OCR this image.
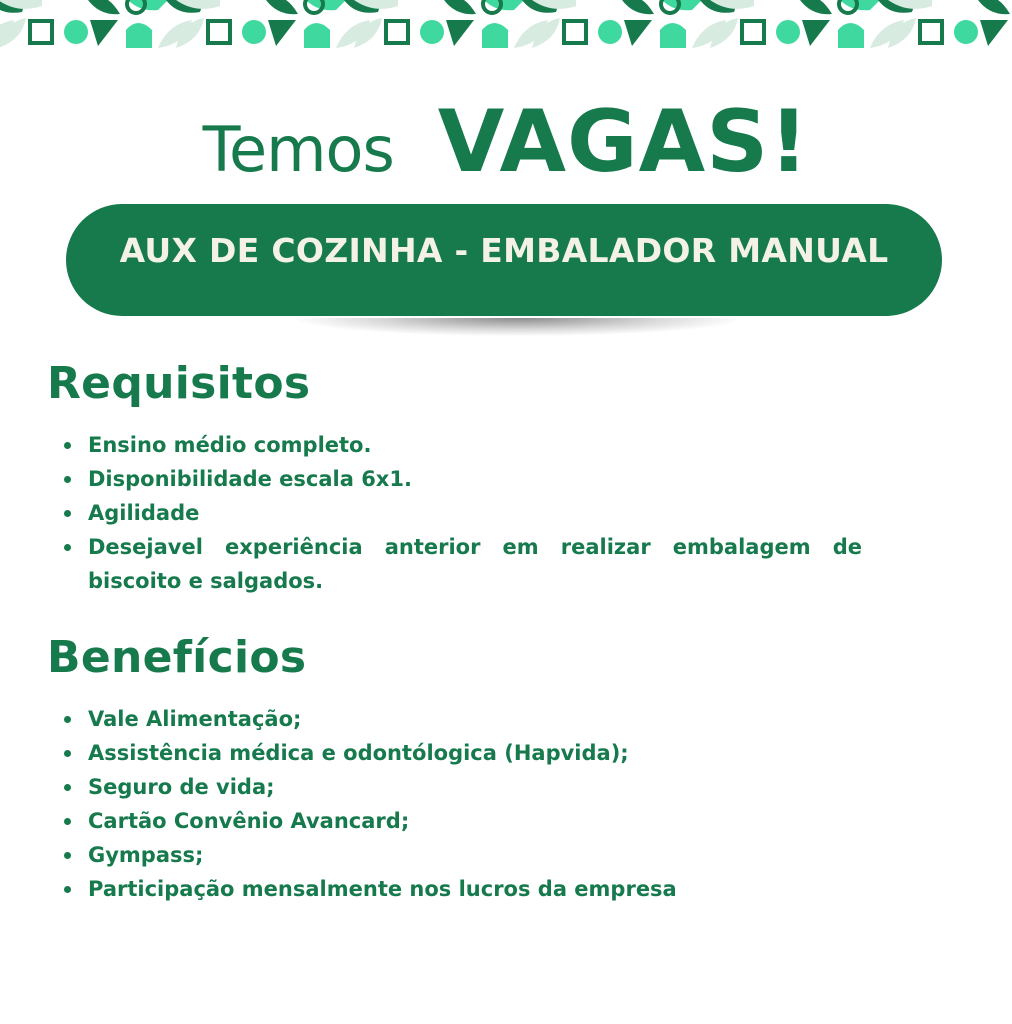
Temos VAGAS!
AUX DE COZINHA - EMBALADOR MANUAL
Requisitos
Ensino médio completo.
Disponibilidade escala 6x1.
Agilidade
Desejavel experiência anterior em realizar embalagem de biscoito e salgados.
Benefícios
Vale Alimentação;
Assistência médica e odontólogica (Hapvida);
Seguro de vida;
Cartão Convênio Avancard;
Gympass;
Participação mensalmente nos lucros da empresa
